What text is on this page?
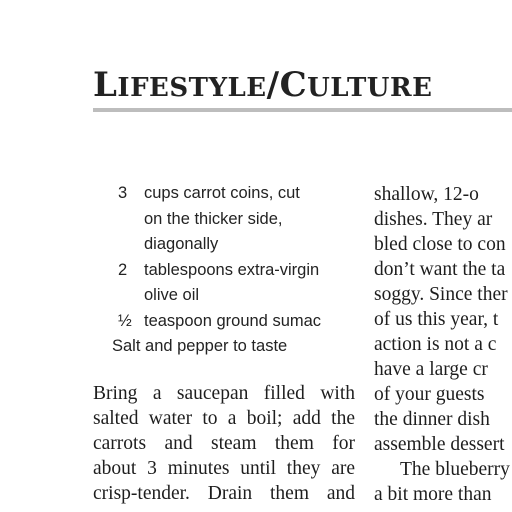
LIFESTYLE/CULTURE
3	cups carrot coins, cut
on the thicker side,
diagonally
2	tablespoons extra-virgin
olive oil
½ teaspoon ground sumac
Salt and pepper to taste
Bring a saucepan filled with
salted water to a boil; add the
carrots and steam them for
about 3 minutes until they are
crisp-tender. Drain them and
shallow, 12-o
dishes. They ar
bled close to con
don’t want the ta
soggy. Since ther
of us this year, t
action is not a c
have a large cr
of your guests
the dinner dish
assemble dessert
The blueberry
a bit more than
